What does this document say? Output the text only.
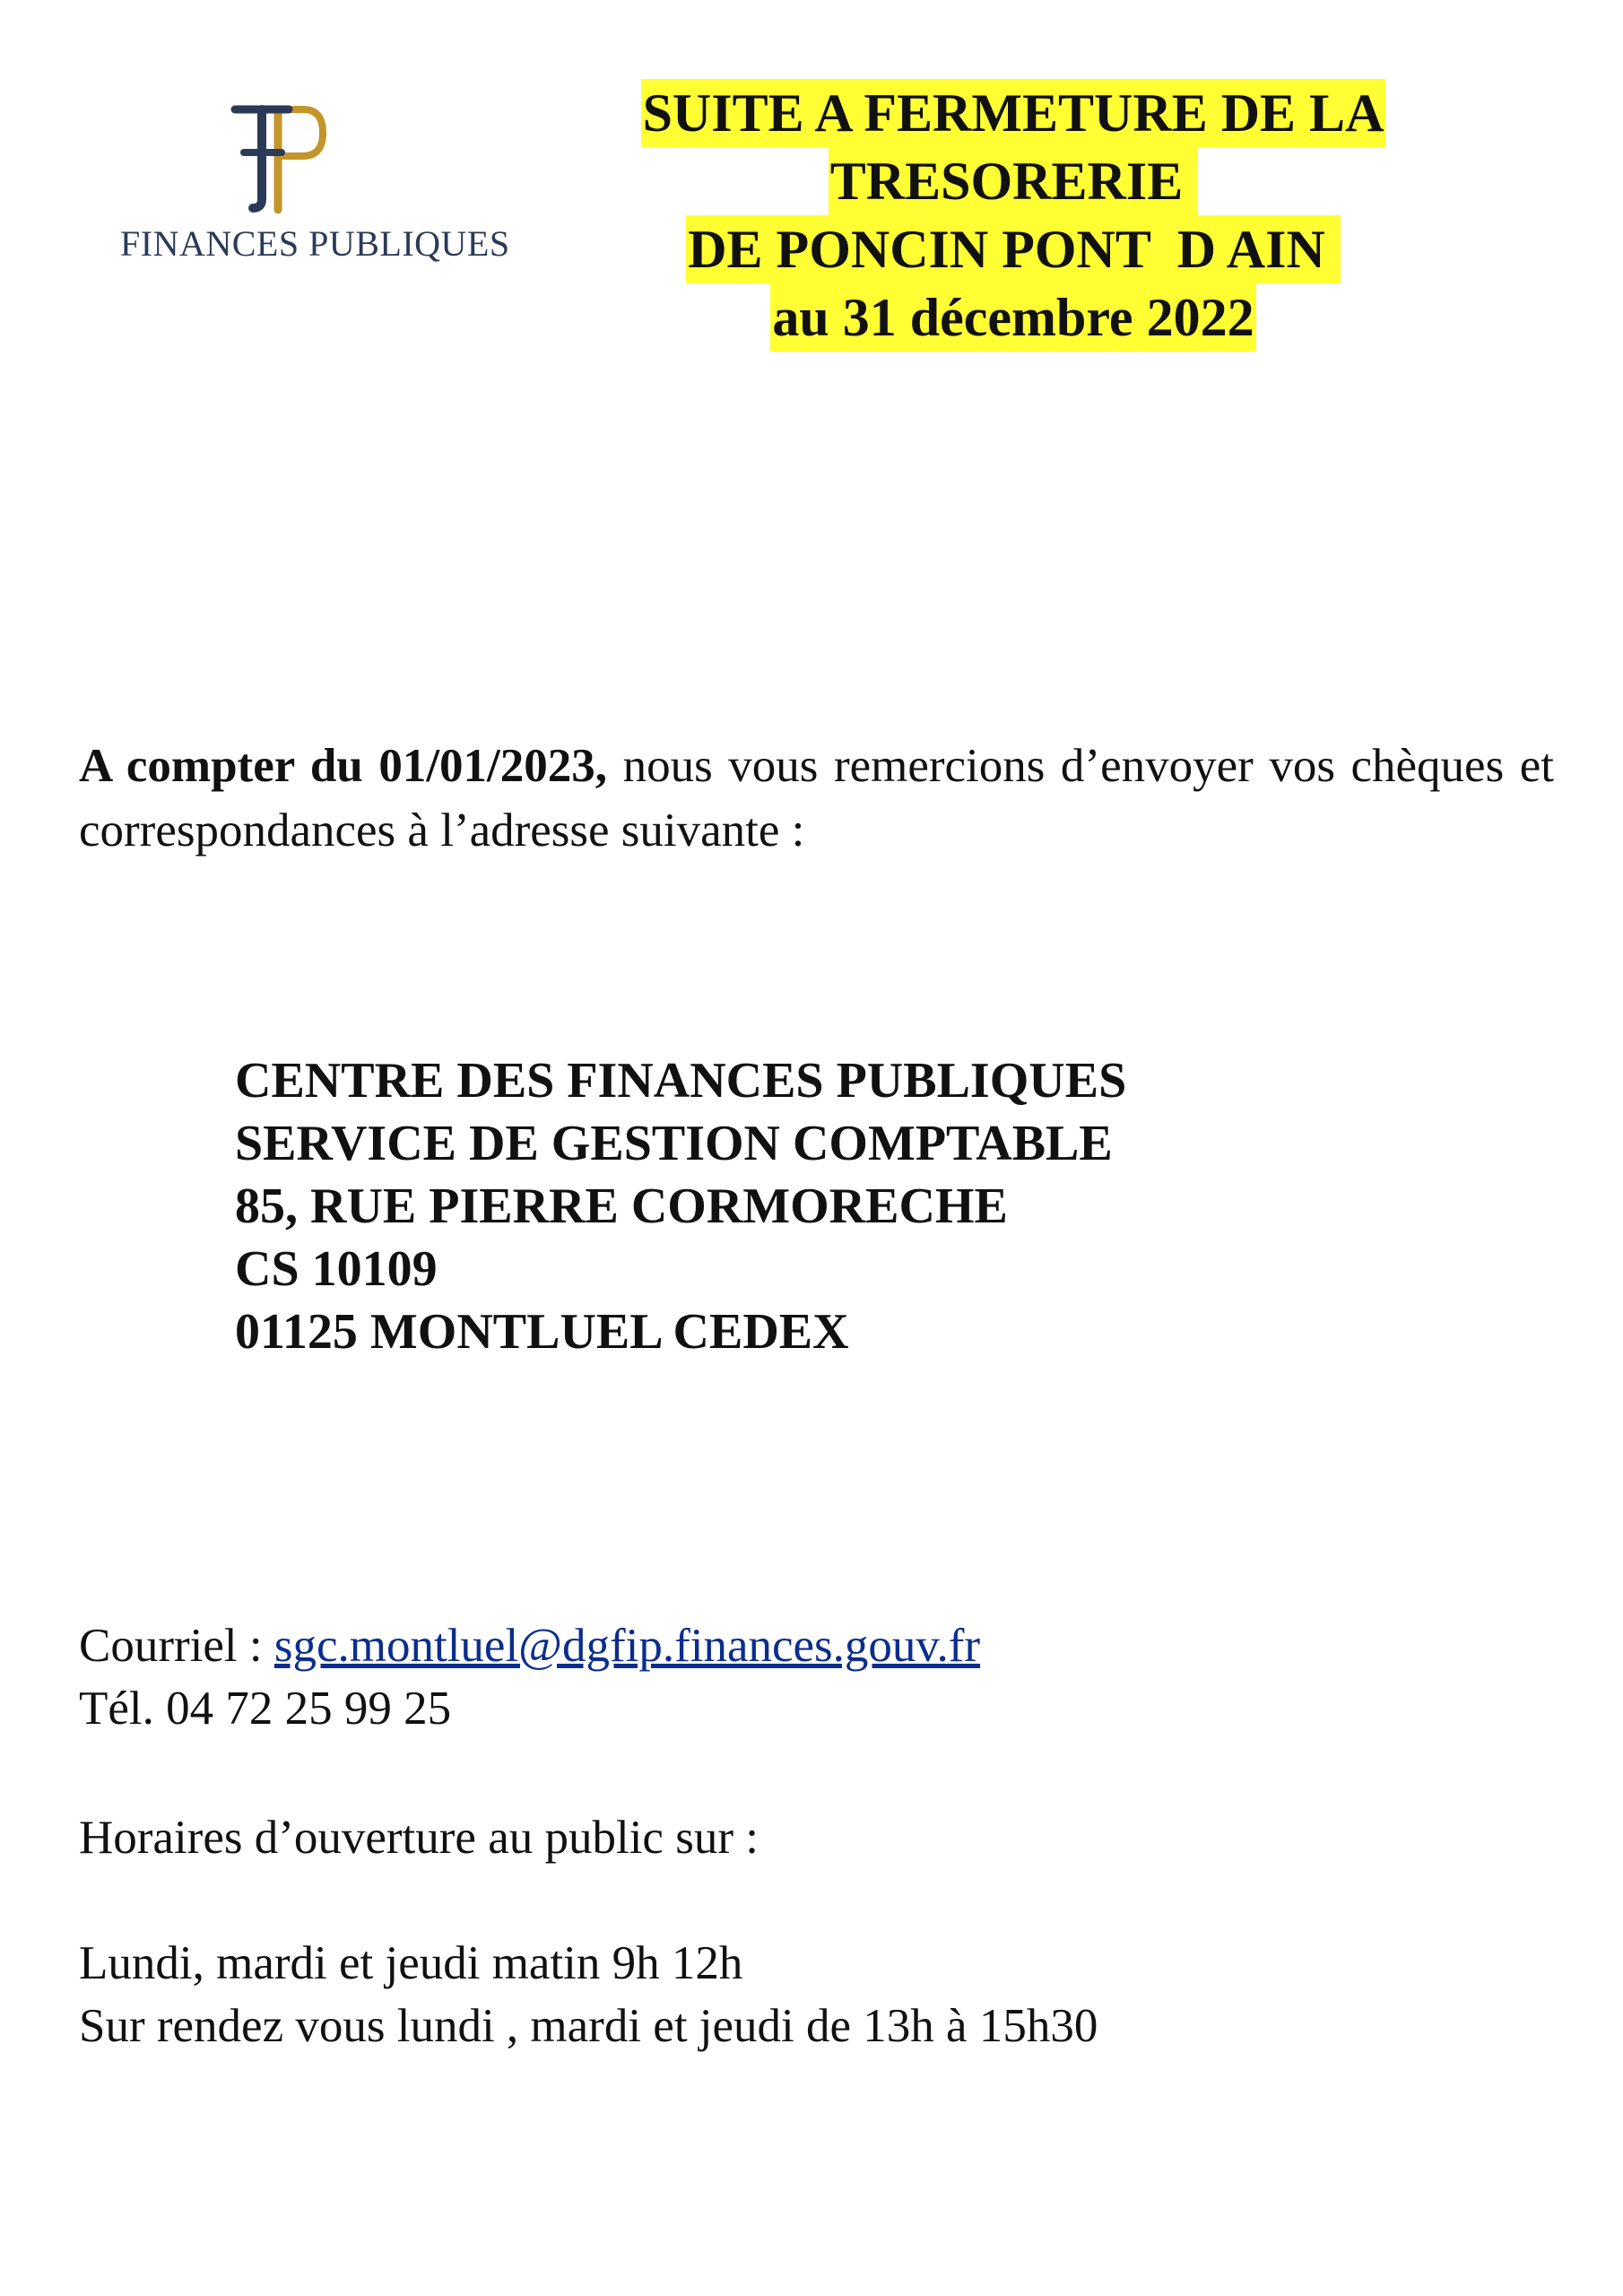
FINANCES PUBLIQUES
SUITE A FERMETURE DE LA
TRESORERIE
DE PONCIN PONT  D AIN
au 31 décembre 2022
A compter du 01/01/2023, nous vous remercions d’envoyer vos chèques et correspondances à l’adresse suivante :
CENTRE DES FINANCES PUBLIQUES
SERVICE DE GESTION COMPTABLE
85, RUE PIERRE CORMORECHE
CS 10109
01125 MONTLUEL CEDEX
Courriel : sgc.montluel@dgfip.finances.gouv.fr
Tél. 04 72 25 99 25
Horaires d’ouverture au public sur :
Lundi, mardi et jeudi matin 9h 12h
Sur rendez vous lundi , mardi et jeudi de 13h à 15h30
